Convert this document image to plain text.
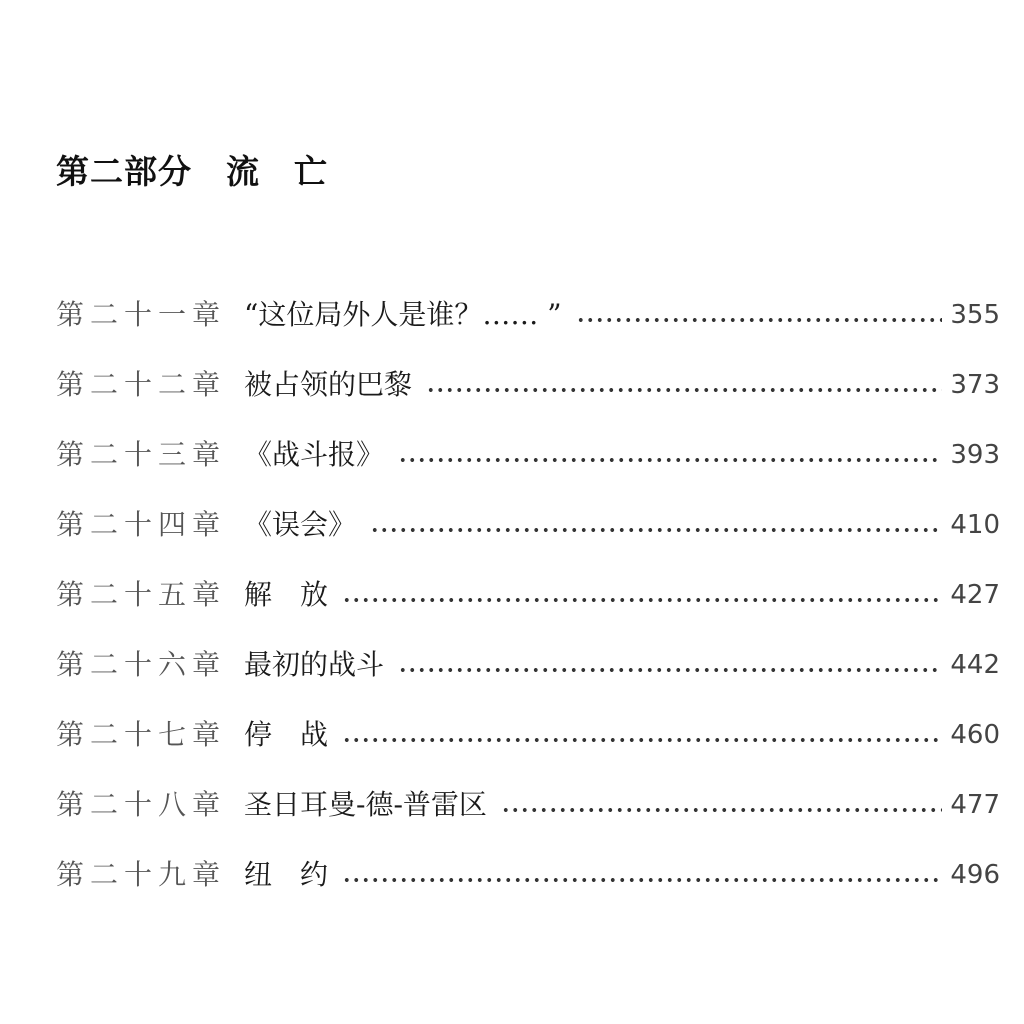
第二部分　流　亡
第二十一章 “这位局外人是谁？…… ”	355
第二十二章 被占领的巴黎	373
第二十三章 《战斗报》	393
第二十四章 《误会》	410
第二十五章 解　放	427
第二十六章 最初的战斗	442
第二十七章 停　战	460
第二十八章 圣日耳曼-德-普雷区	477
第二十九章 纽　约	496
